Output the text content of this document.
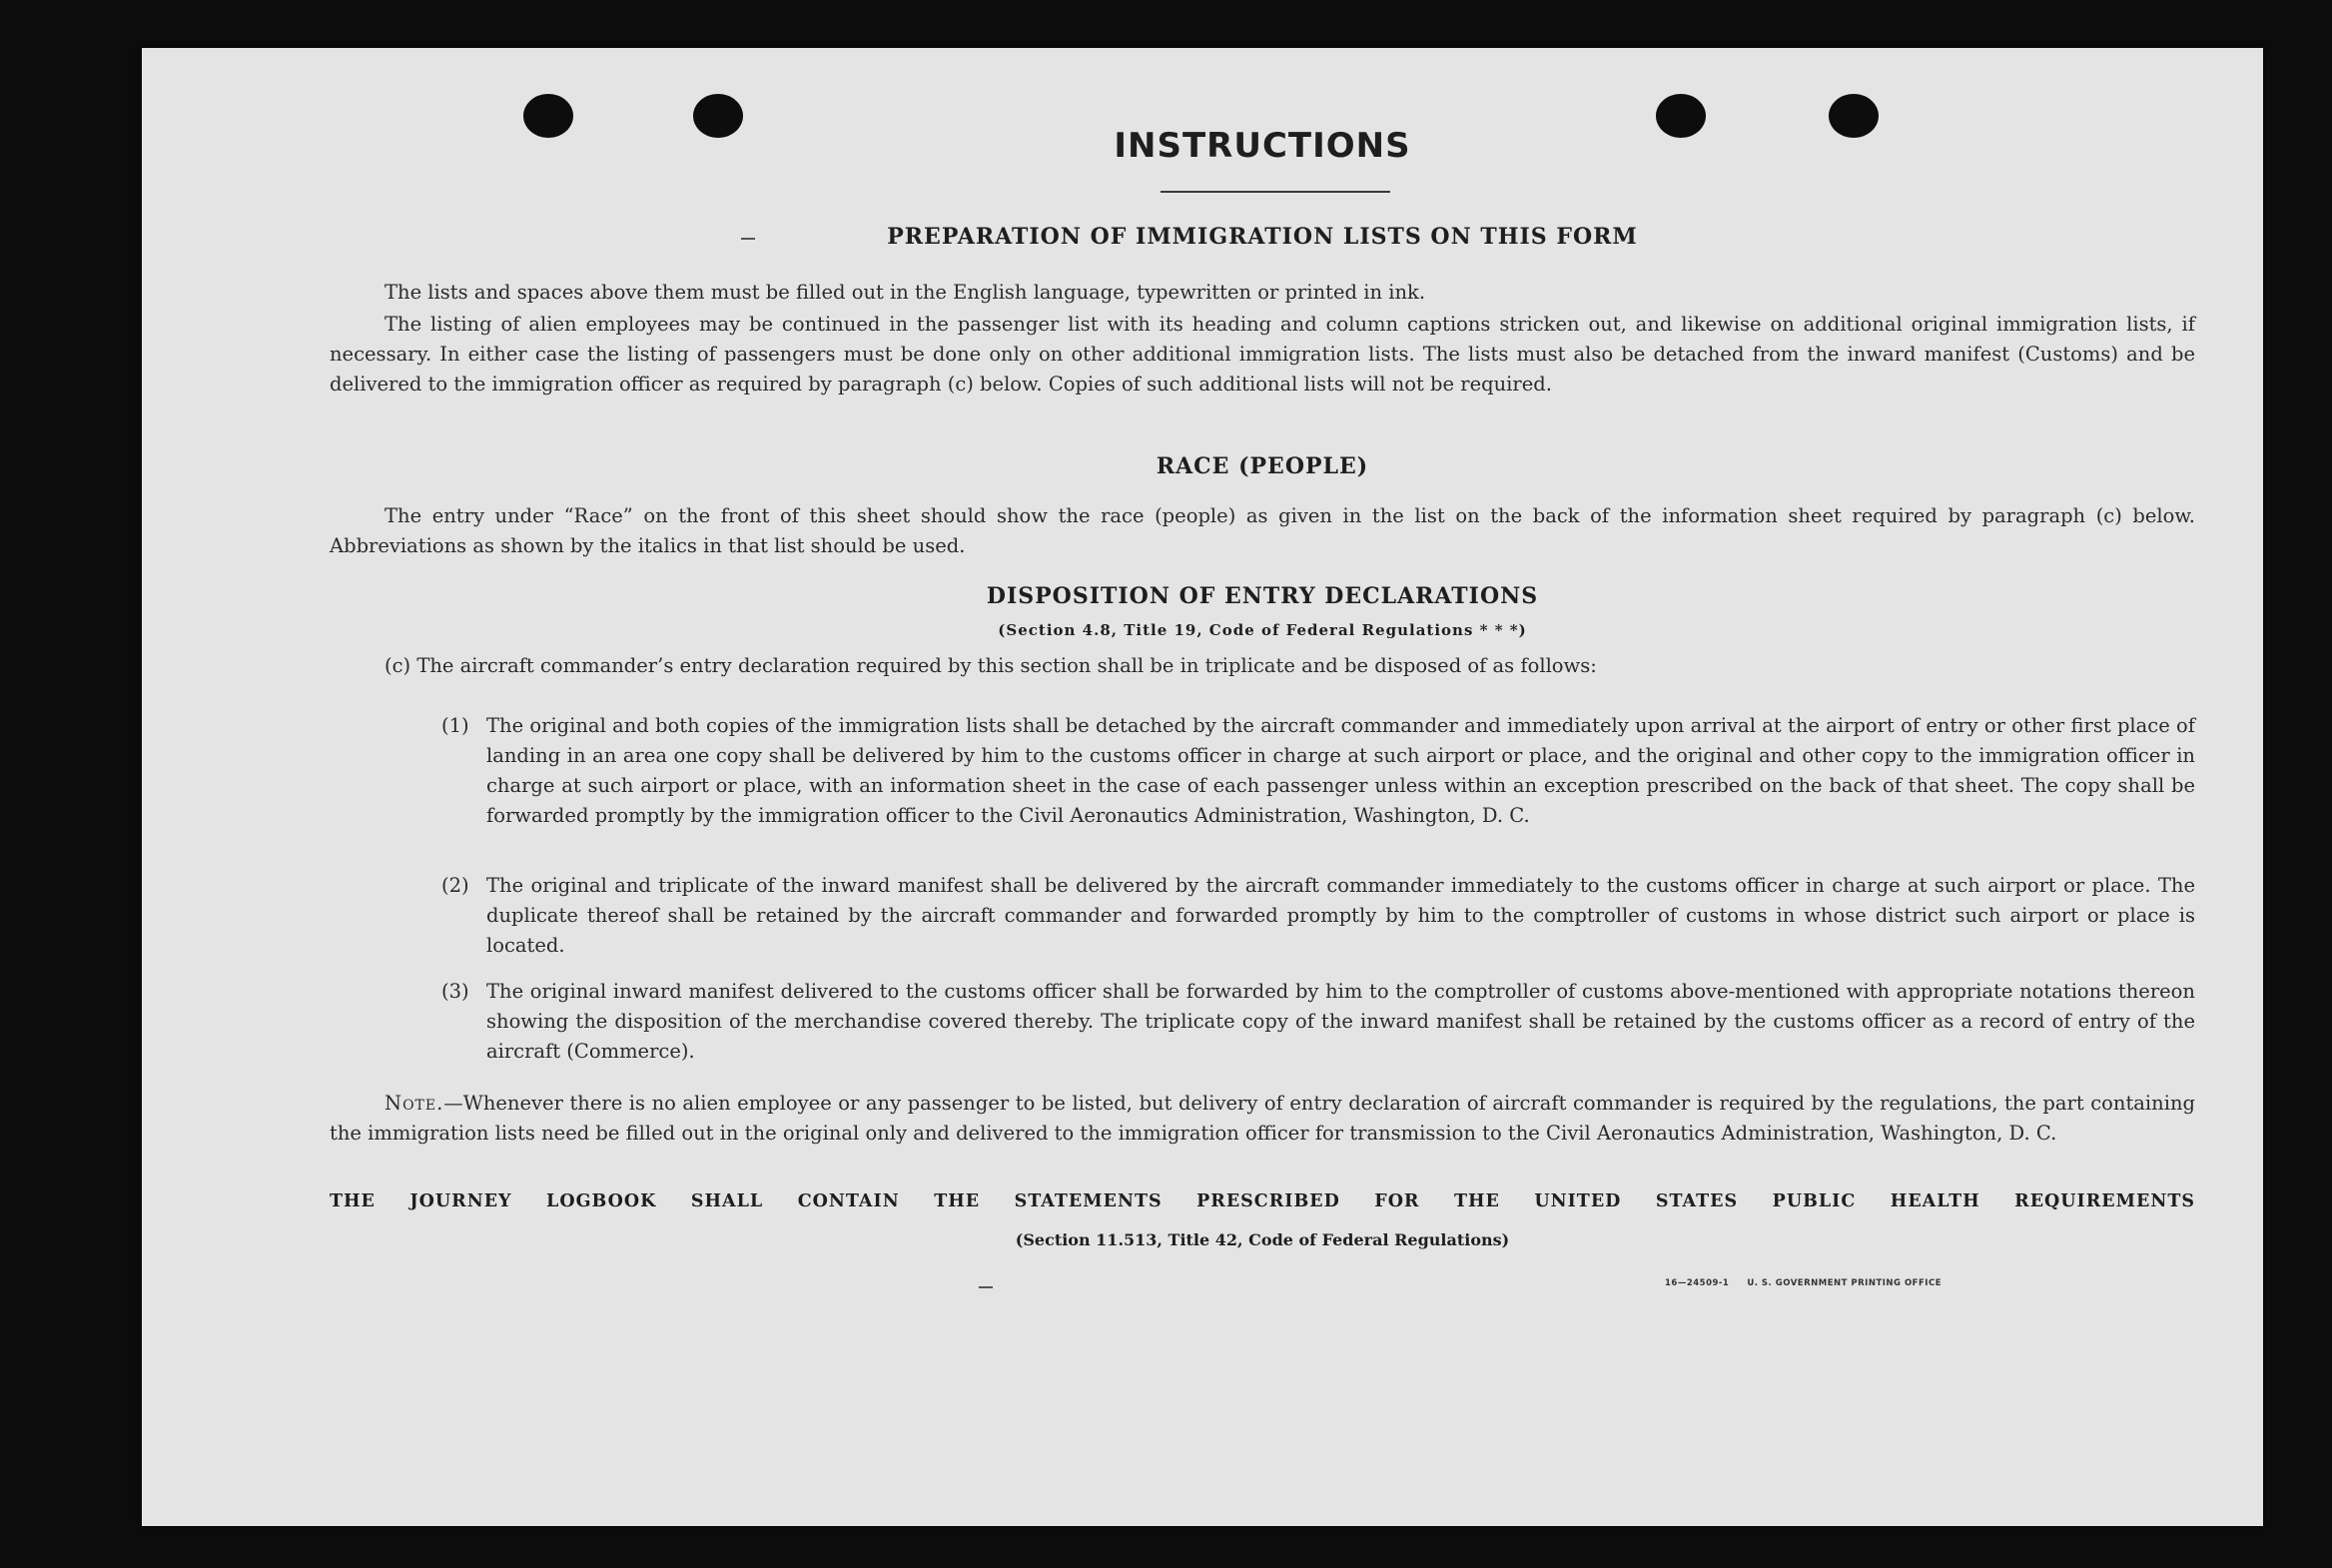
INSTRUCTIONS
PREPARATION OF IMMIGRATION LISTS ON THIS FORM
The lists and spaces above them must be filled out in the English language, typewritten or printed in ink.
The listing of alien employees may be continued in the passenger list with its heading and column captions stricken out, and likewise on additional original immigration lists, if necessary. In either case the listing of passengers must be done only on other additional immigration lists. The lists must also be detached from the inward manifest (Customs) and be delivered to the immigration officer as required by paragraph (c) below. Copies of such additional lists will not be required.
RACE (PEOPLE)
The entry under “Race” on the front of this sheet should show the race (people) as given in the list on the back of the information sheet required by paragraph (c) below. Abbreviations as shown by the italics in that list should be used.
DISPOSITION OF ENTRY DECLARATIONS
(Section 4.8, Title 19, Code of Federal Regulations * * *)
(c) The aircraft commander’s entry declaration required by this section shall be in triplicate and be disposed of as follows:
(1) The original and both copies of the immigration lists shall be detached by the aircraft commander and immediately upon arrival at the airport of entry or other first place of landing in an area one copy shall be delivered by him to the customs officer in charge at such airport or place, and the original and other copy to the immigration officer in charge at such airport or place, with an information sheet in the case of each passenger unless within an exception prescribed on the back of that sheet. The copy shall be forwarded promptly by the immigration officer to the Civil Aeronautics Administration, Washington, D. C.
(2) The original and triplicate of the inward manifest shall be delivered by the aircraft commander immediately to the customs officer in charge at such airport or place. The duplicate thereof shall be retained by the aircraft commander and forwarded promptly by him to the comptroller of customs in whose district such airport or place is located.
(3) The original inward manifest delivered to the customs officer shall be forwarded by him to the comptroller of customs above-mentioned with appropriate notations thereon showing the disposition of the merchandise covered thereby. The triplicate copy of the inward manifest shall be retained by the customs officer as a record of entry of the aircraft (Commerce).
Note.—Whenever there is no alien employee or any passenger to be listed, but delivery of entry declaration of aircraft commander is required by the regulations, the part containing the immigration lists need be filled out in the original only and delivered to the immigration officer for transmission to the Civil Aeronautics Administration, Washington, D. C.
THE JOURNEY LOGBOOK SHALL CONTAIN THE STATEMENTS PRESCRIBED FOR THE UNITED STATES PUBLIC HEALTH REQUIREMENTS
(Section 11.513, Title 42, Code of Federal Regulations)
16—24509-1 U. S. GOVERNMENT PRINTING OFFICE
